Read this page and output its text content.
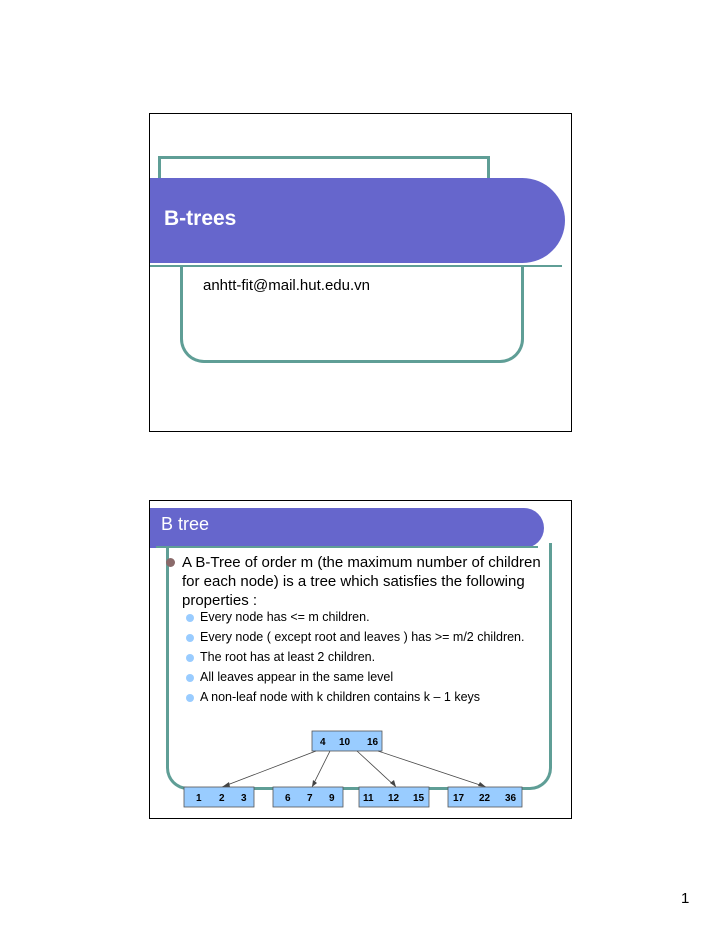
B-trees
anhtt-fit@mail.hut.edu.vn
B tree
A B-Tree of order m (the maximum number of children for each node) is a tree which satisfies the following properties :
Every node has <= m children.
Every node ( except root and leaves ) has >= m/2 children.
The root has at least 2 children.
All leaves appear in the same level
A non-leaf node with k children contains k – 1 keys
4 10 16
1 2 3	6 7 9	11 12 15	17 22 36
1
